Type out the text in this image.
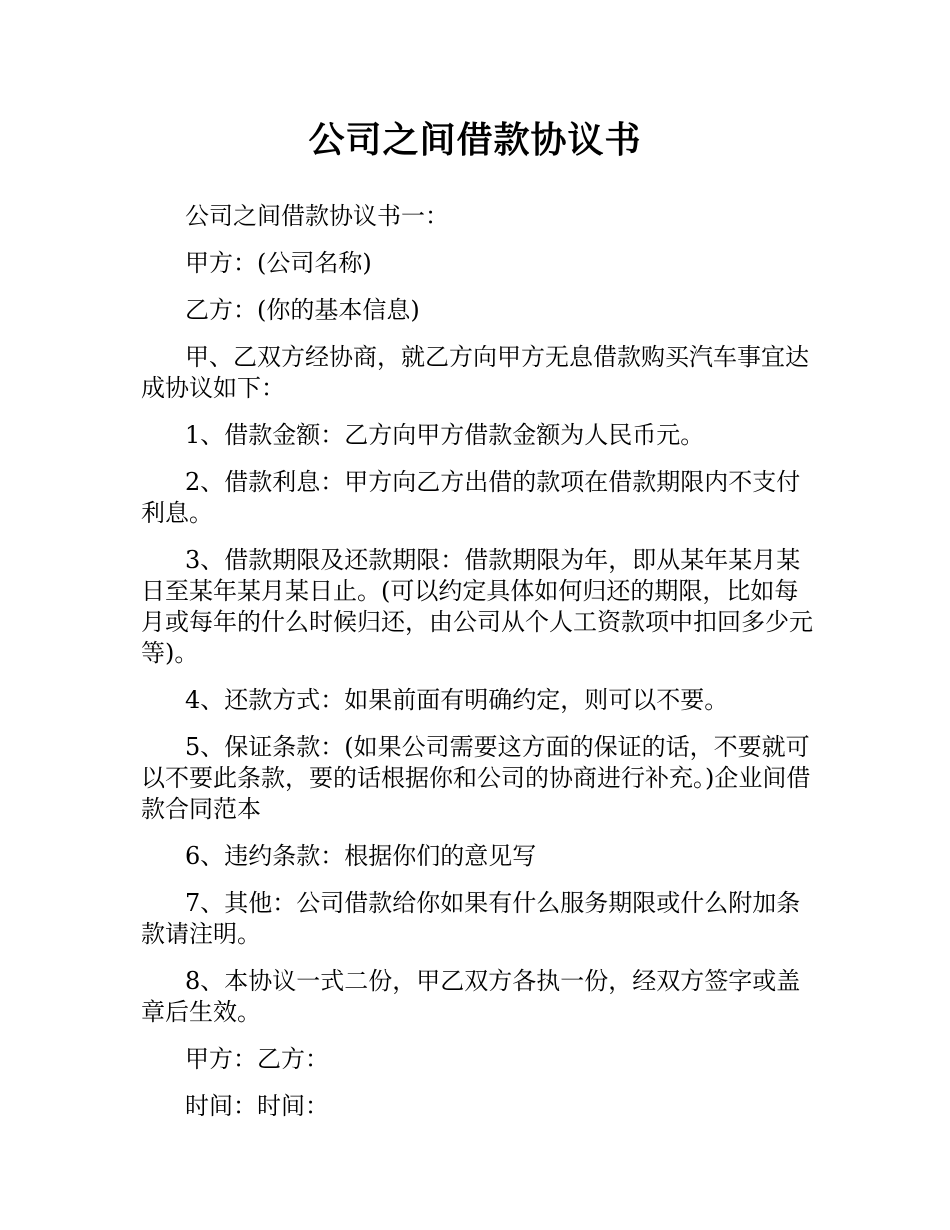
公司之间借款协议书

公司之间借款协议书一：

甲方：(公司名称)

乙方：(你的基本信息)

甲、乙双方经协商，就乙方向甲方无息借款购买汽车事宜达成协议如下：

1、借款金额：乙方向甲方借款金额为人民币元。

2、借款利息：甲方向乙方出借的款项在借款期限内不支付利息。

3、借款期限及还款期限：借款期限为年，即从某年某月某日至某年某月某日止。(可以约定具体如何归还的期限，比如每月或每年的什么时候归还，由公司从个人工资款项中扣回多少元等)。

4、还款方式：如果前面有明确约定，则可以不要。

5、保证条款：(如果公司需要这方面的保证的话，不要就可以不要此条款，要的话根据你和公司的协商进行补充。)企业间借款合同范本

6、违约条款：根据你们的意见写

7、其他：公司借款给你如果有什么服务期限或什么附加条款请注明。

8、本协议一式二份，甲乙双方各执一份，经双方签字或盖章后生效。

甲方：乙方：

时间：时间：
